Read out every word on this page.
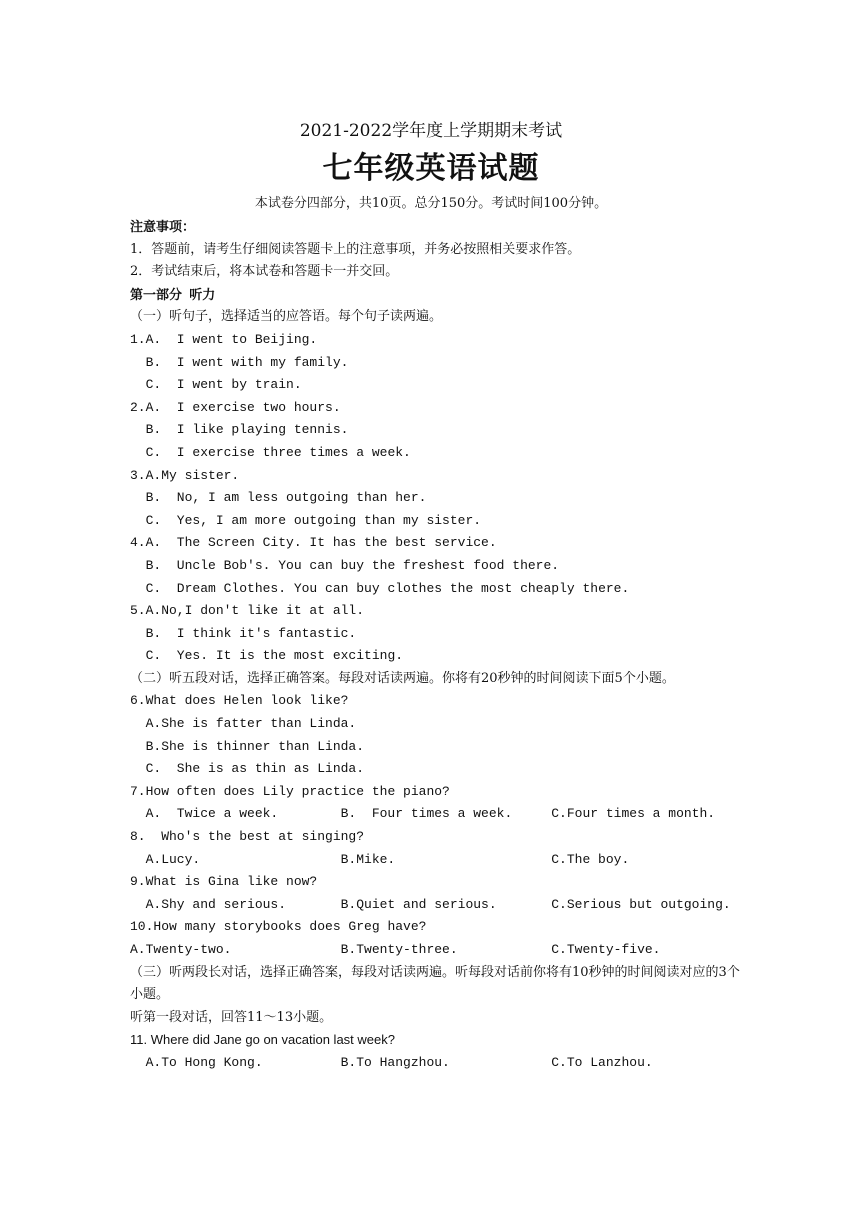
2021-2022学年度上学期期末考试
七年级英语试题
本试卷分四部分，共10页。总分150分。考试时间100分钟。
注意事项：
1．答题前，请考生仔细阅读答题卡上的注意事项，并务必按照相关要求作答。
2．考试结束后，将本试卷和答题卡一并交回。
第一部分  听力
（一）听句子，选择适当的应答语。每个句子读两遍。
1.A.  I went to Beijing.
B.  I went with my family.
C.  I went by train.
2.A.  I exercise two hours.
B.  I like playing tennis.
C.  I exercise three times a week.
3.A.My sister.
B.  No, I am less outgoing than her.
C.  Yes, I am more outgoing than my sister.
4.A.  The Screen City. It has the best service.
B.  Uncle Bob's. You can buy the freshest food there.
C.  Dream Clothes. You can buy clothes the most cheaply there.
5.A.No,I don't like it at all.
B.  I think it's fantastic.
C.  Yes. It is the most exciting.
（二）听五段对话，选择正确答案。每段对话读两遍。你将有20秒钟的时间阅读下面5个小题。
6.What does Helen look like?
A.She is fatter than Linda.
B.She is thinner than Linda.
C.  She is as thin as Linda.
7.How often does Lily practice the piano?
A.  Twice a week.	B.  Four times a week.	C.Four times a month.
8.  Who's the best at singing?
A.Lucy.	B.Mike.	C.The boy.
9.What is Gina like now?
A.Shy and serious.	B.Quiet and serious.	C.Serious but outgoing.
10.How many storybooks does Greg have?
A.Twenty-two.	B.Twenty-three.	C.Twenty-five.
（三）听两段长对话，选择正确答案，每段对话读两遍。听每段对话前你将有10秒钟的时间阅读对应的3个小题。
听第一段对话，回答11～13小题。
11. Where did Jane go on vacation last week?
A.To Hong Kong.	B.To Hangzhou.	C.To Lanzhou.
